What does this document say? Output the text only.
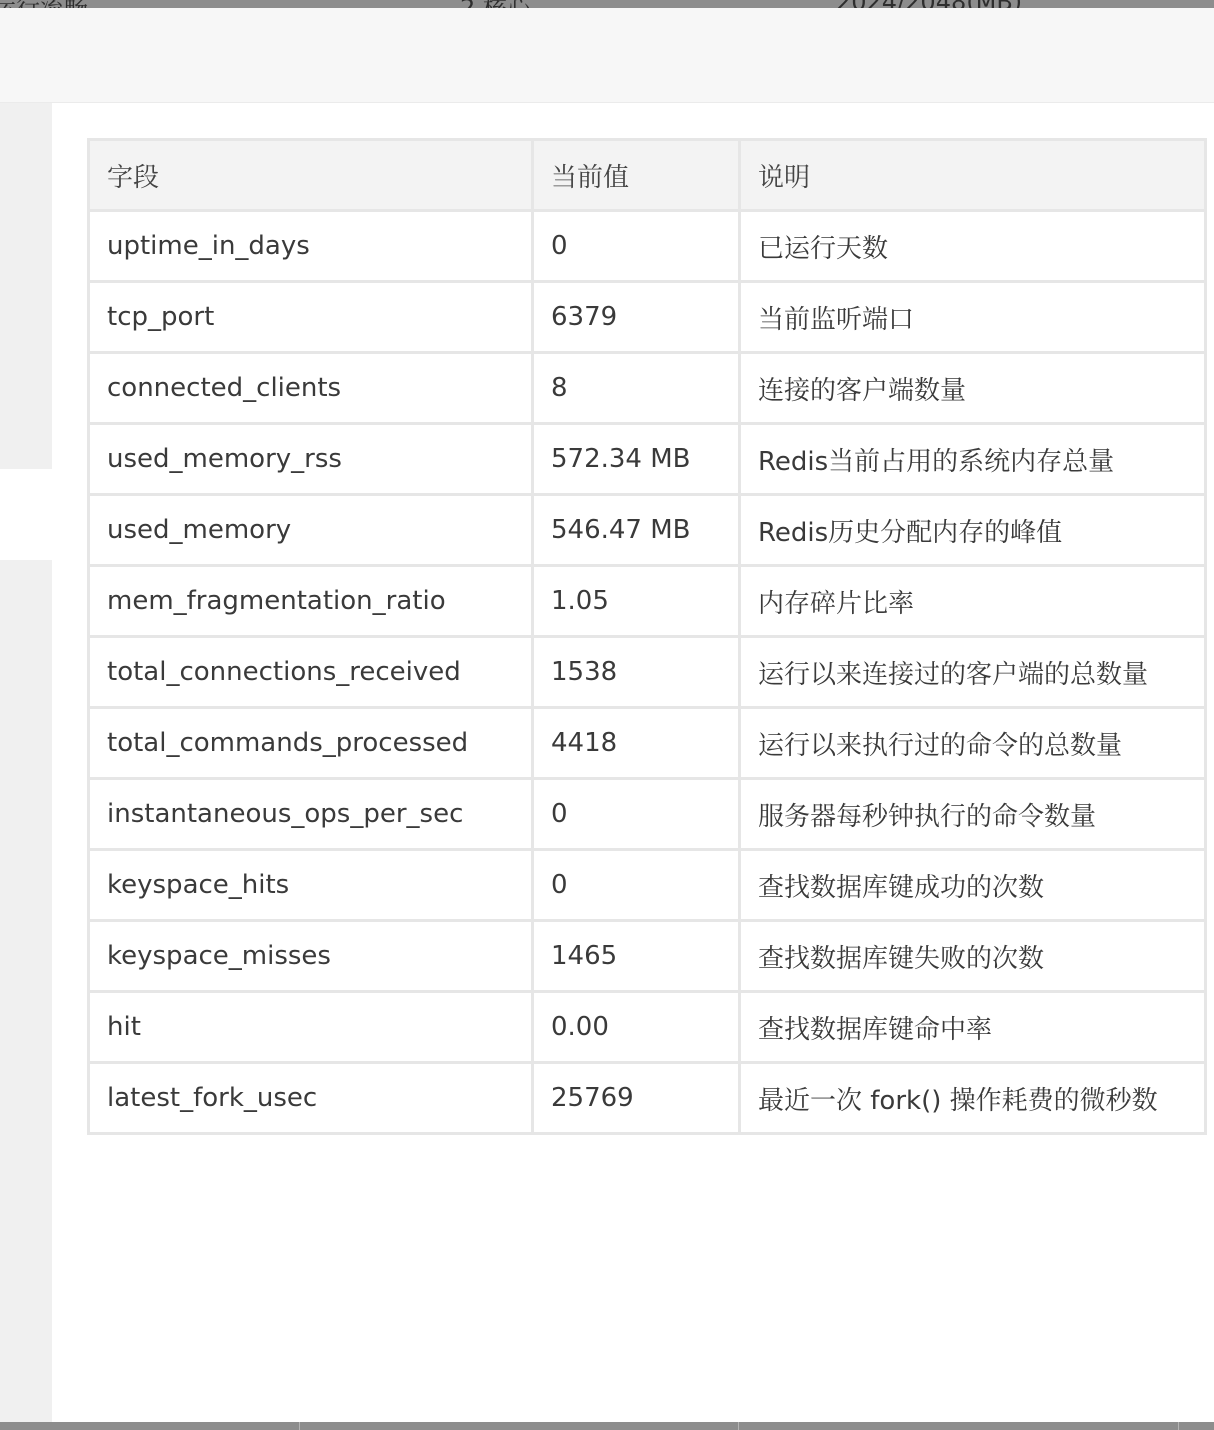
字段	当前值	说明
uptime_in_days	0	已运行天数
tcp_port	6379	当前监听端口
connected_clients	8	连接的客户端数量
used_memory_rss	572.34 MB	Redis当前占用的系统内存总量
used_memory	546.47 MB	Redis历史分配内存的峰值
mem_fragmentation_ratio	1.05	内存碎片比率
total_connections_received	1538	运行以来连接过的客户端的总数量
total_commands_processed	4418	运行以来执行过的命令的总数量
instantaneous_ops_per_sec	0	服务器每秒钟执行的命令数量
keyspace_hits	0	查找数据库键成功的次数
keyspace_misses	1465	查找数据库键失败的次数
hit	0.00	查找数据库键命中率
latest_fork_usec	25769	最近一次 fork() 操作耗费的微秒数
